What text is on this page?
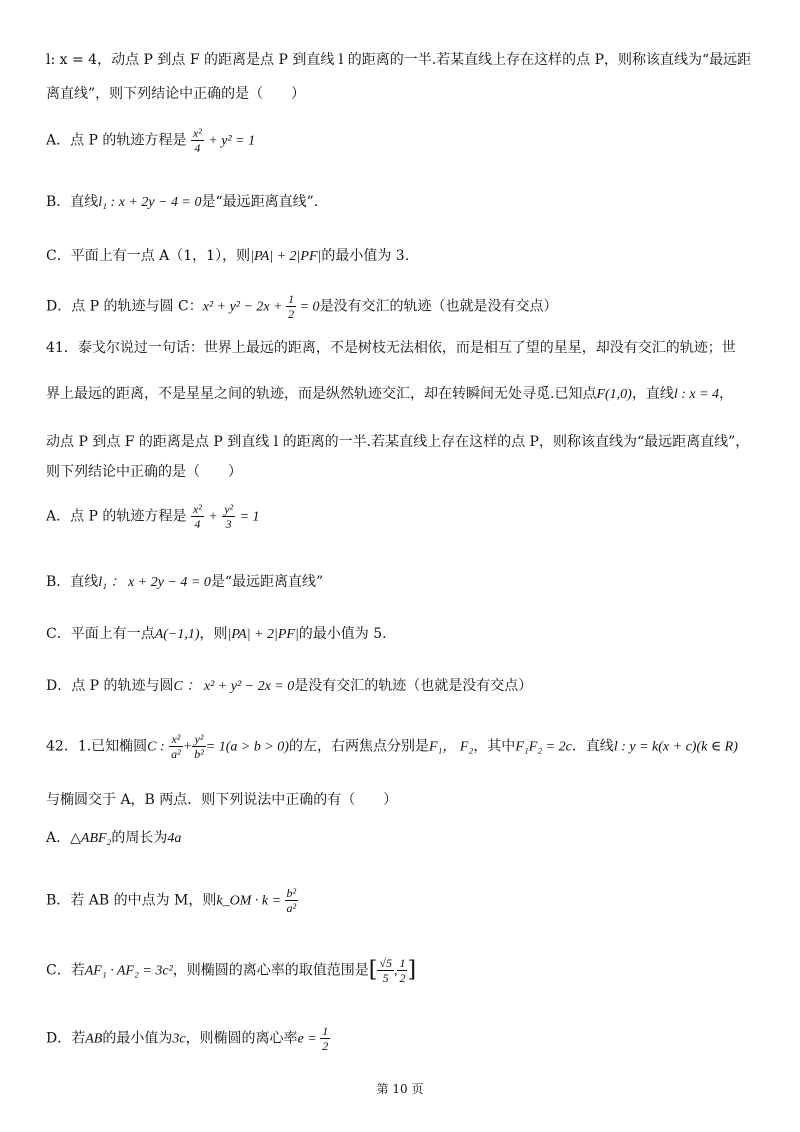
l: x = 4，动点 P 到点 F 的距离是点 P 到直线 l 的距离的一半.若某直线上存在这样的点 P，则称该直线为“最远距
离直线”，则下列结论中正确的是（　　）
A．点 P 的轨迹方程是 $\frac{\text{x²}}{4} + y^2 = 1$
B．直线l₁ : x + 2y − 4 = 0是“最远距离直线”．
C．平面上有一点 A（1，1），则|PA| + 2|PF|的最小值为 3.
D．点 P 的轨迹与圆 C：$x^2 + y^2 - 2x + \frac{1}{2} = 0$是没有交汇的轨迹（也就是没有交点）
41．泰戈尔说过一句话：世界上最远的距离，不是树枝无法相依，而是相互了望的星星，却没有交汇的轨迹；世
界上最远的距离，不是星星之间的轨迹，而是纵然轨迹交汇，却在转瞬间无处寻觅.已知点F(1,0)，直线l : x = 4，
动点 P 到点 F 的距离是点 P 到直线 l 的距离的一半.若某直线上存在这样的点 P，则称该直线为“最远距离直线”，
则下列结论中正确的是（　　）
A．点 P 的轨迹方程是 $\frac{\text{x²}}{4} + \frac{\text{y²}}{3} = 1$
B．直线l₁ ： x + 2y − 4 = 0是“最远距离直线”
C．平面上有一点A(−1,1)，则|PA| + 2|PF|的最小值为 5.
D．点 P 的轨迹与圆C ： x² + y² − 2x = 0是没有交汇的轨迹（也就是没有交点）
42．1.已知椭圆C : $\frac{\text{x²}}{\text{a²}} + \frac{\text{y²}}{\text{b²}} = 1(a > b > 0)$的左，右两焦点分别是F₁， F₂，其中F₁F₂ = 2c．直线l : y = k(x + c)(k ∈ R)
与椭圆交于 A，B 两点．则下列说法中正确的有（　　）
A．△ABF₂的周长为4a
B．若 AB 的中点为 M，则k_OM · $k = \frac{\text{b²}}{\text{a²}}$
C．若AF₁ · AF₂ = 3c²，则椭圆的离心率的取值范围是[ $\frac{√5}{5}$ , $\frac{1}{2}$ ]
D．若AB的最小值为3c，则椭圆的离心率$e = \frac{1}{2}$
第 10 页
